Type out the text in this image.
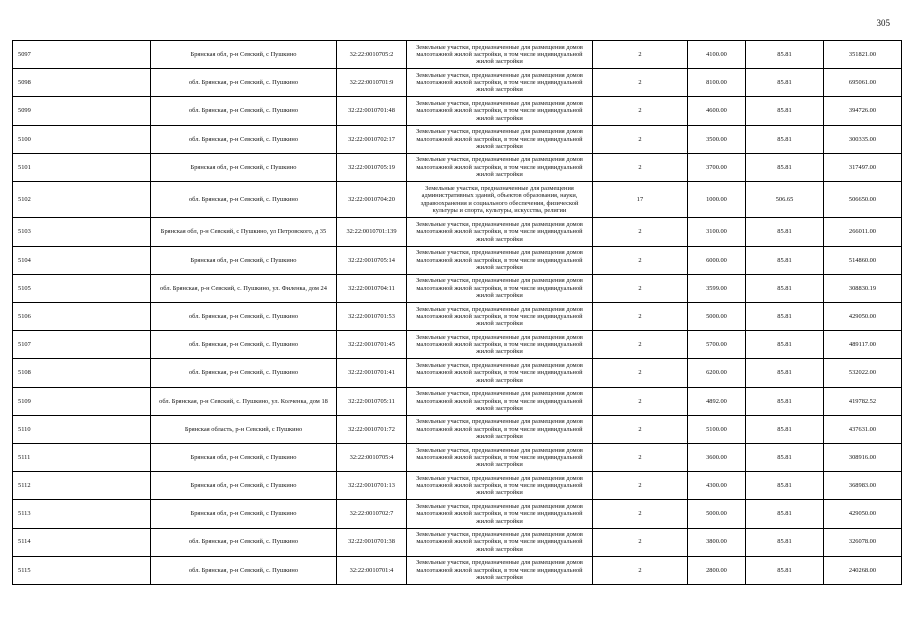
305
5097	Брянская обл, р-н Севский, с Пушкино	32:22:0010705:2	Земельные участки, предназначенные для размещения домов малоэтажной жилой застройки, в том числе индивидуальной жилой застройки	2	4100.00	85.81	351821.00
5098	обл. Брянская, р-н Севский, с. Пушкино	32:22:0010701:9	Земельные участки, предназначенные для размещения домов малоэтажной жилой застройки, в том числе индивидуальной жилой застройки	2	8100.00	85.81	695061.00
5099	обл. Брянская, р-н Севский, с. Пушкино	32:22:0010701:48	Земельные участки, предназначенные для размещения домов малоэтажной жилой застройки, в том числе индивидуальной жилой застройки	2	4600.00	85.81	394726.00
5100	обл. Брянская, р-н Севский, с. Пушкино	32:22:0010702:17	Земельные участки, предназначенные для размещения домов малоэтажной жилой застройки, в том числе индивидуальной жилой застройки	2	3500.00	85.81	300335.00
5101	Брянская обл, р-н Севский, с Пушкино	32:22:0010705:19	Земельные участки, предназначенные для размещения домов малоэтажной жилой застройки, в том числе индивидуальной жилой застройки	2	3700.00	85.81	317497.00
5102	обл. Брянская, р-н Севский, с. Пушкино	32:22:0010704:20	Земельные участки, предназначенные для размещения административных зданий, объектов образования, науки, здравоохранения и социального обеспечения, физической культуры и спорта, культуры, искусства, религии	17	1000.00	506.65	506650.00
5103	Брянская обл, р-н Севский, с Пушкино, ул Петровского, д 35	32:22:0010701:139	Земельные участки, предназначенные для размещения домов малоэтажной жилой застройки, в том числе индивидуальной жилой застройки	2	3100.00	85.81	266011.00
5104	Брянская обл, р-н Севский, с Пушкино	32:22:0010705:14	Земельные участки, предназначенные для размещения домов малоэтажной жилой застройки, в том числе индивидуальной жилой застройки	2	6000.00	85.81	514860.00
5105	обл. Брянская, р-н Севский, с. Пушкино, ул. Филенка, дом 24	32:22:0010704:11	Земельные участки, предназначенные для размещения домов малоэтажной жилой застройки, в том числе индивидуальной жилой застройки	2	3599.00	85.81	308830.19
5106	обл. Брянская, р-н Севский, с. Пушкино	32:22:0010701:53	Земельные участки, предназначенные для размещения домов малоэтажной жилой застройки, в том числе индивидуальной жилой застройки	2	5000.00	85.81	429050.00
5107	обл. Брянская, р-н Севский, с. Пушкино	32:22:0010701:45	Земельные участки, предназначенные для размещения домов малоэтажной жилой застройки, в том числе индивидуальной жилой застройки	2	5700.00	85.81	489117.00
5108	обл. Брянская, р-н Севский, с. Пушкино	32:22:0010701:41	Земельные участки, предназначенные для размещения домов малоэтажной жилой застройки, в том числе индивидуальной жилой застройки	2	6200.00	85.81	532022.00
5109	обл. Брянская, р-н Севский, с. Пушкино, ул. Колченка, дом 18	32:22:0010705:11	Земельные участки, предназначенные для размещения домов малоэтажной жилой застройки, в том числе индивидуальной жилой застройки	2	4892.00	85.81	419782.52
5110	Брянская область, р-н Севский, с Пушкино	32:22:0010701:72	Земельные участки, предназначенные для размещения домов малоэтажной жилой застройки, в том числе индивидуальной жилой застройки	2	5100.00	85.81	437631.00
5111	Брянская обл, р-н Севский, с Пушкино	32:22:0010705:4	Земельные участки, предназначенные для размещения домов малоэтажной жилой застройки, в том числе индивидуальной жилой застройки	2	3600.00	85.81	308916.00
5112	Брянская обл, р-н Севский, с Пушкино	32:22:0010701:13	Земельные участки, предназначенные для размещения домов малоэтажной жилой застройки, в том числе индивидуальной жилой застройки	2	4300.00	85.81	368983.00
5113	Брянская обл, р-н Севский, с Пушкино	32:22:0010702:7	Земельные участки, предназначенные для размещения домов малоэтажной жилой застройки, в том числе индивидуальной жилой застройки	2	5000.00	85.81	429050.00
5114	обл. Брянская, р-н Севский, с. Пушкино	32:22:0010701:38	Земельные участки, предназначенные для размещения домов малоэтажной жилой застройки, в том числе индивидуальной жилой застройки	2	3800.00	85.81	326078.00
5115	обл. Брянская, р-н Севский, с. Пушкино	32:22:0010701:4	Земельные участки, предназначенные для размещения домов малоэтажной жилой застройки, в том числе индивидуальной жилой застройки	2	2800.00	85.81	240268.00
